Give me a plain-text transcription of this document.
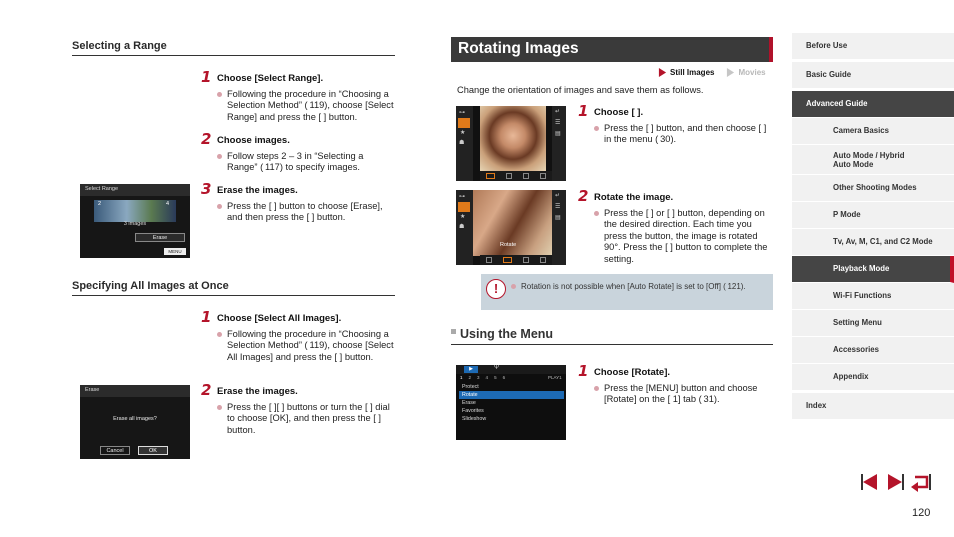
Selecting a Range
1 Choose [Select Range].
Following the procedure in “Choosing a Selection Method” ( 119), choose [Select Range] and press the [ ] button.
2 Choose images.
Follow steps 2 – 3 in “Selecting a Range” ( 117) to specify images.
3 Erase the images.
Press the [ ] button to choose [Erase], and then press the [ ] button.
Select Range
2	4
3 images
Erase
MENU
Specifying All Images at Once
1 Choose [Select All Images].
Following the procedure in “Choosing a Selection Method” ( 119), choose [Select All Images] and press the [ ] button.
2 Erase the images.
Press the [ ][ ] buttons or turn the [ ] dial to choose [OK], and then press the [ ] button.
Erase
Erase all images?
Cancel	OK
Rotating Images
Still Images	Movies
Change the orientation of images and save them as follows.
⊶
★
☗
↵
☰
▤
1 Choose [ ].
Press the [ ] button, and then choose [ ] in the menu ( 30).
⊶
★
☗
↵
☰
▤
Rotate
2 Rotate the image.
Press the [ ] or [ ] button, depending on the desired direction. Each time you press the button, the image is rotated 90°. Press the [ ] button to complete the setting.
!	Rotation is not possible when [Auto Rotate] is set to [Off] ( 121).
Using the Menu
▶	Ψ
1 2 3 4 5 6	PLAY1
Protect
Rotate
Erase
Favorites
Slideshow
1 Choose [Rotate].
Press the [MENU] button and choose [Rotate] on the [ 1] tab ( 31).
Before Use
Basic Guide
Advanced Guide
Camera Basics
Auto Mode / Hybrid Auto Mode
Other Shooting Modes
P Mode
Tv, Av, M, C1, and C2 Mode
Playback Mode
Wi-Fi Functions
Setting Menu
Accessories
Appendix
Index
120
